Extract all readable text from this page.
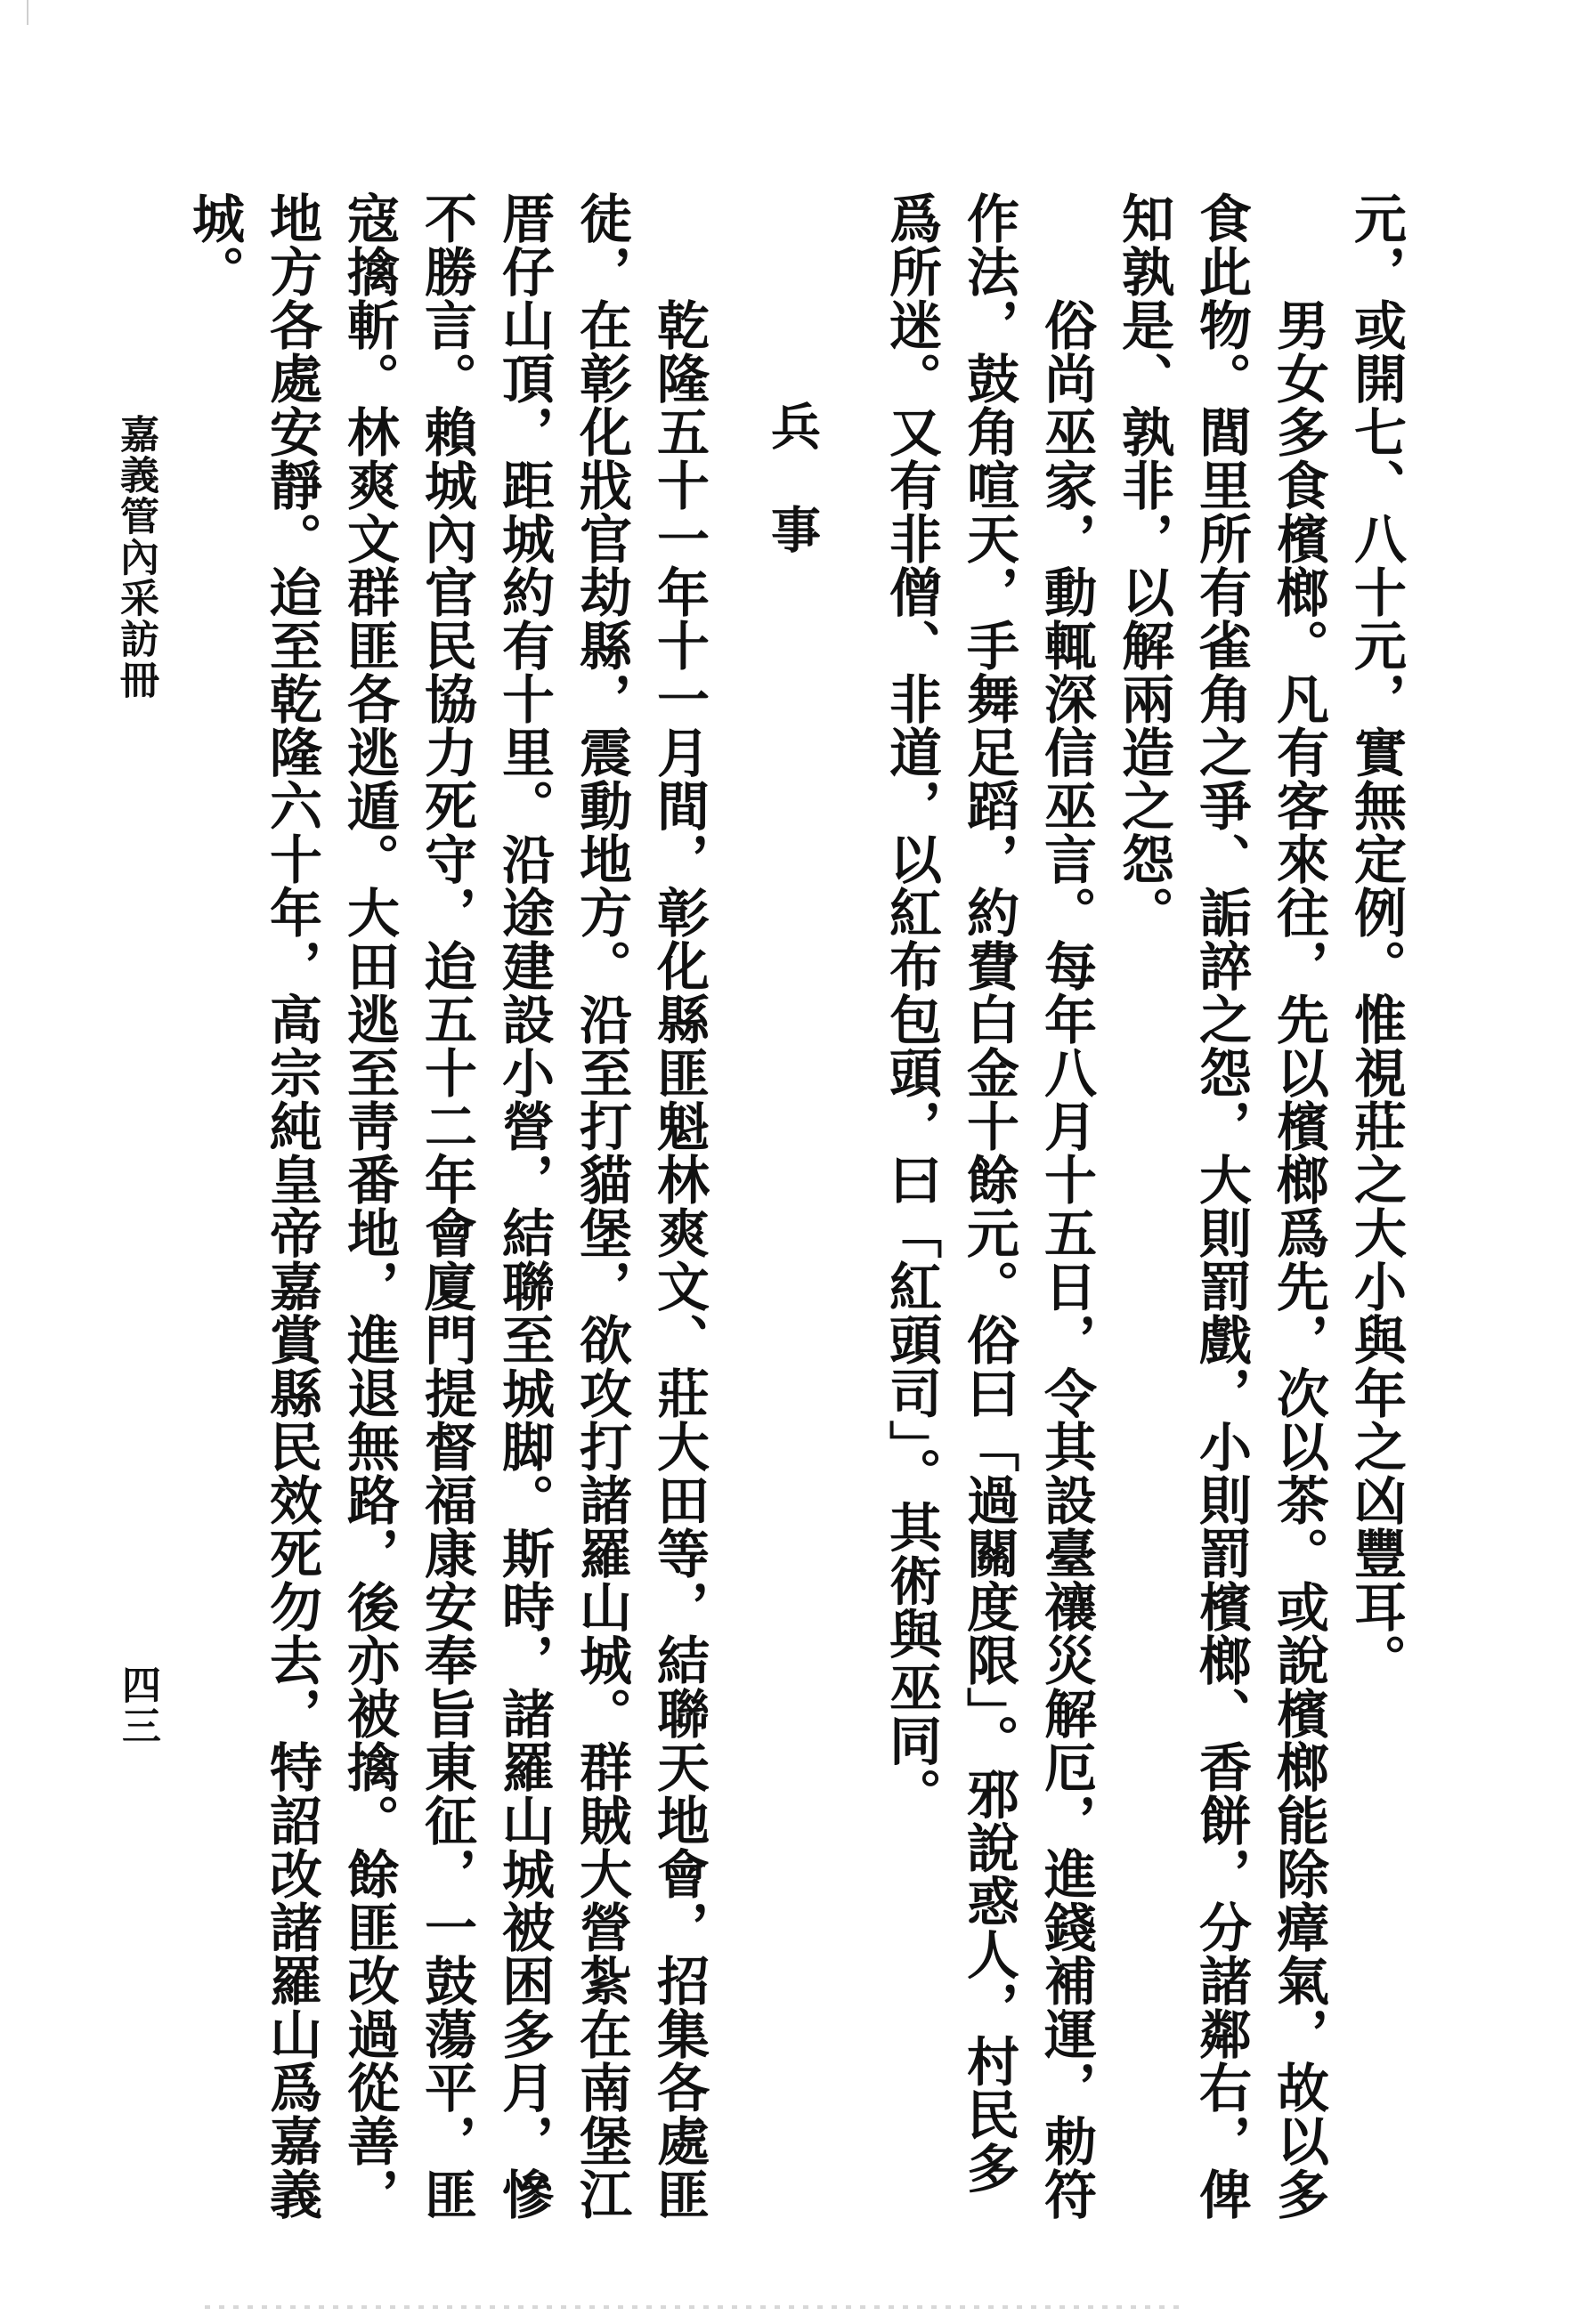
元，或開七、八十元，實無定例。惟視莊之大小與年之凶豐耳。
男女多食檳榔。凡有客來往，先以檳榔爲先，次以茶。或說檳榔能除瘴氣，故以多
食此物。閭里所有雀角之爭、詬誶之怨，大則罰戲，小則罰檳榔、香餅，分諸鄰右，俾
知孰是、孰非，以解兩造之怨。
俗尚巫家，動輒深信巫言。每年八月十五日，令其設臺禳災解厄，進錢補運，勅符
作法，鼓角喧天，手舞足蹈，約費白金十餘元。俗曰「過關度限」。邪說惑人，村民多
爲所迷。又有非僧、非道，以紅布包頭，曰「紅頭司」。其術與巫同。
兵事
乾隆五十一年十一月間，彰化縣匪魁林爽文、莊大田等，結聯天地會，招集各處匪
徒，在彰化戕官劫縣，震動地方。沿至打貓堡，欲攻打諸羅山城。群賊大營紮在南堡江
厝仔山頂，距城約有十里。沿途建設小營，結聯至城脚。斯時，諸羅山城被困多月，慘
不勝言。賴城內官民協力死守，迨五十二年會廈門提督福康安奉旨東征，一鼓蕩平，匪
寇擒斬。林爽文群匪各逃遁。大田逃至靑番地，進退無路，後亦被擒。餘匪改過從善，
地方各處安靜。迨至乾隆六十年，高宗純皇帝嘉賞縣民效死勿去，特詔改諸羅山爲嘉義
城。
嘉義管內采訪冊
四三
